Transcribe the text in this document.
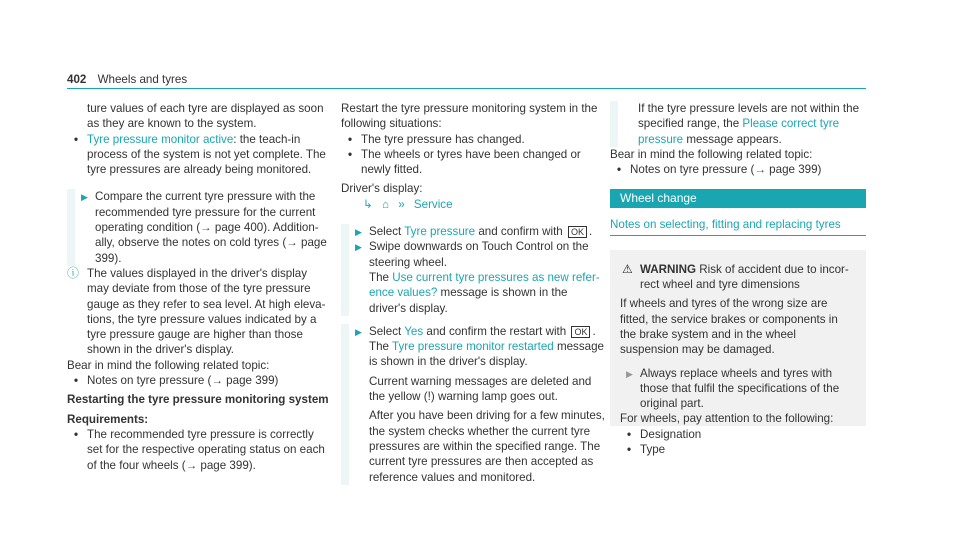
402 Wheels and tyres

ture values of each tyre are displayed as soon as they are known to the system.

• Tyre pressure monitor active: the teach-in process of the system is not yet complete. The tyre pressures are already being monitored.
▶ Compare the current tyre pressure with the recommended tyre pressure for the current operating condition (→ page 400). Additionally, observe the notes on cold tyres (→ page 399).
ⓘ The values displayed in the driver's display may deviate from those of the tyre pressure gauge as they refer to sea level. At high elevations, the tyre pressure values indicated by a tyre pressure gauge are higher than those shown in the driver's display.

Bear in mind the following related topic:

• Notes on tyre pressure (→ page 399)

Restarting the tyre pressure monitoring system

Requirements:

• The recommended tyre pressure is correctly set for the respective operating status on each of the four wheels (→ page 399).

Restart the tyre pressure monitoring system in the following situations:

• The tyre pressure has changed.
• The wheels or tyres have been changed or newly fitted.

Driver's display:

↳ ⌂ » Service
▶ Select Tyre pressure and confirm with OK .
▶ Swipe downwards on Touch Control on the steering wheel.
The Use current tyre pressures as new reference values? message is shown in the driver's display.
▶ Select Yes and confirm the restart with OK .
The Tyre pressure monitor restarted message is shown in the driver's display.
Current warning messages are deleted and the yellow (!) warning lamp goes out.
After you have been driving for a few minutes, the system checks whether the current tyre pressures are within the specified range. The current tyre pressures are then accepted as reference values and monitored.
If the tyre pressure levels are not within the specified range, the Please correct tyre pressure message appears.

Bear in mind the following related topic:

• Notes on tyre pressure (→ page 399)
Wheel change
Notes on selecting, fitting and replacing tyres
⚠ WARNING Risk of accident due to incorrect wheel and tyre dimensions

If wheels and tyres of the wrong size are fitted, the service brakes or components in the brake system and in the wheel suspension may be damaged.

▶ Always replace wheels and tyres with those that fulfil the specifications of the original part.

For wheels, pay attention to the following:

• Designation
• Type
